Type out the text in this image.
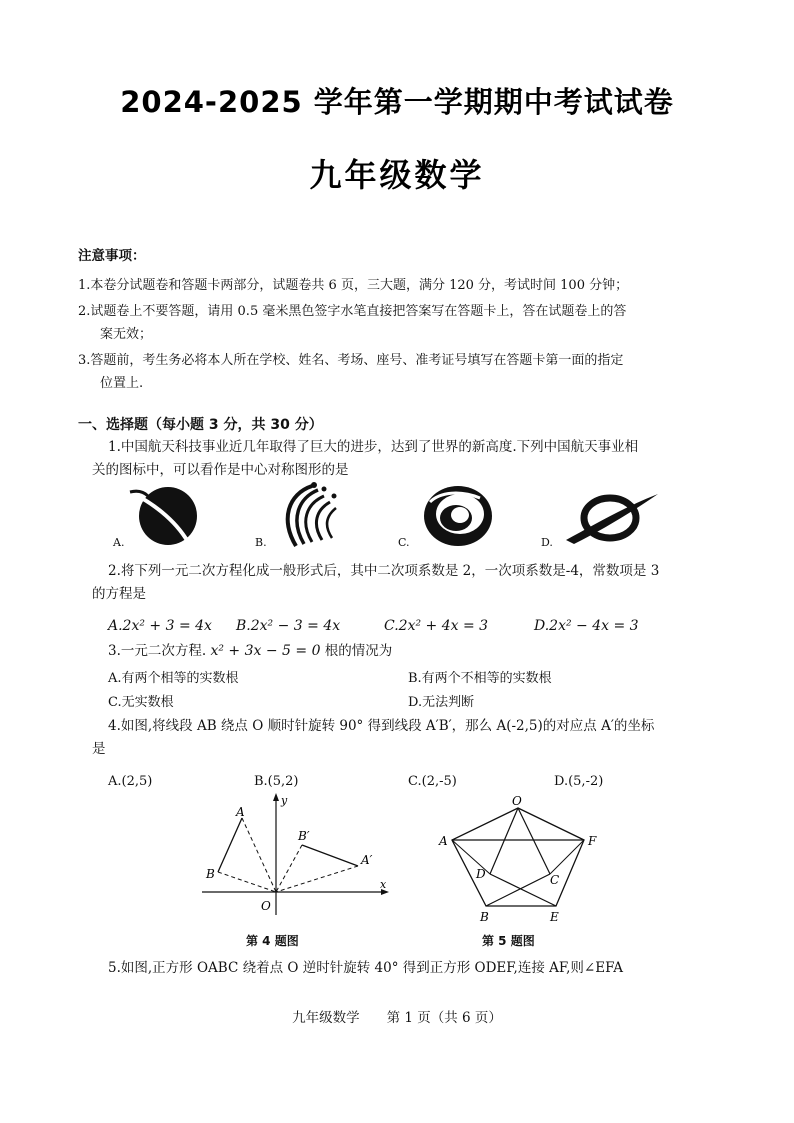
2024-2025 学年第一学期期中考试试卷
九年级数学
注意事项：
1.本卷分试题卷和答题卡两部分，试题卷共 6 页，三大题，满分 120 分，考试时间 100 分钟；
2.试题卷上不要答题，请用 0.5 毫米黑色签字水笔直接把答案写在答题卡上，答在试题卷上的答
案无效；
3.答题前，考生务必将本人所在学校、姓名、考场、座号、准考证号填写在答题卡第一面的指定
位置上.
一、选择题（每小题 3 分，共 30 分）
1.中国航天科技事业近几年取得了巨大的进步，达到了世界的新高度.下列中国航天事业相
关的图标中，可以看作是中心对称图形的是
A.	B.	C.	D.
2.将下列一元二次方程化成一般形式后，其中二次项系数是 2，一次项系数是-4，常数项是 3
的方程是
A.2x² + 3 = 4x B.2x² − 3 = 4x	C.2x² + 4x = 3	D.2x² − 4x = 3
3.一元二次方程. x² + 3x − 5 = 0 根的情况为
A.有两个相等的实数根	B.有两个不相等的实数根
C.无实数根	D.无法判断
4.如图,将线段 AB 绕点 O 顺时针旋转 90° 得到线段 A′B′，那么 A(-2,5)的对应点 A′的坐标
是
A.(2,5)	B.(5,2)	C.(2,-5)	D.(5,-2)
A
B
B′
A′
O
x
y
第 4 题图
O
A	F
D	C
B	E
第 5 题图
5.如图,正方形 OABC 绕着点 O 逆时针旋转 40° 得到正方形 ODEF,连接 AF,则∠EFA
九年级数学　　第 1 页（共 6 页）
